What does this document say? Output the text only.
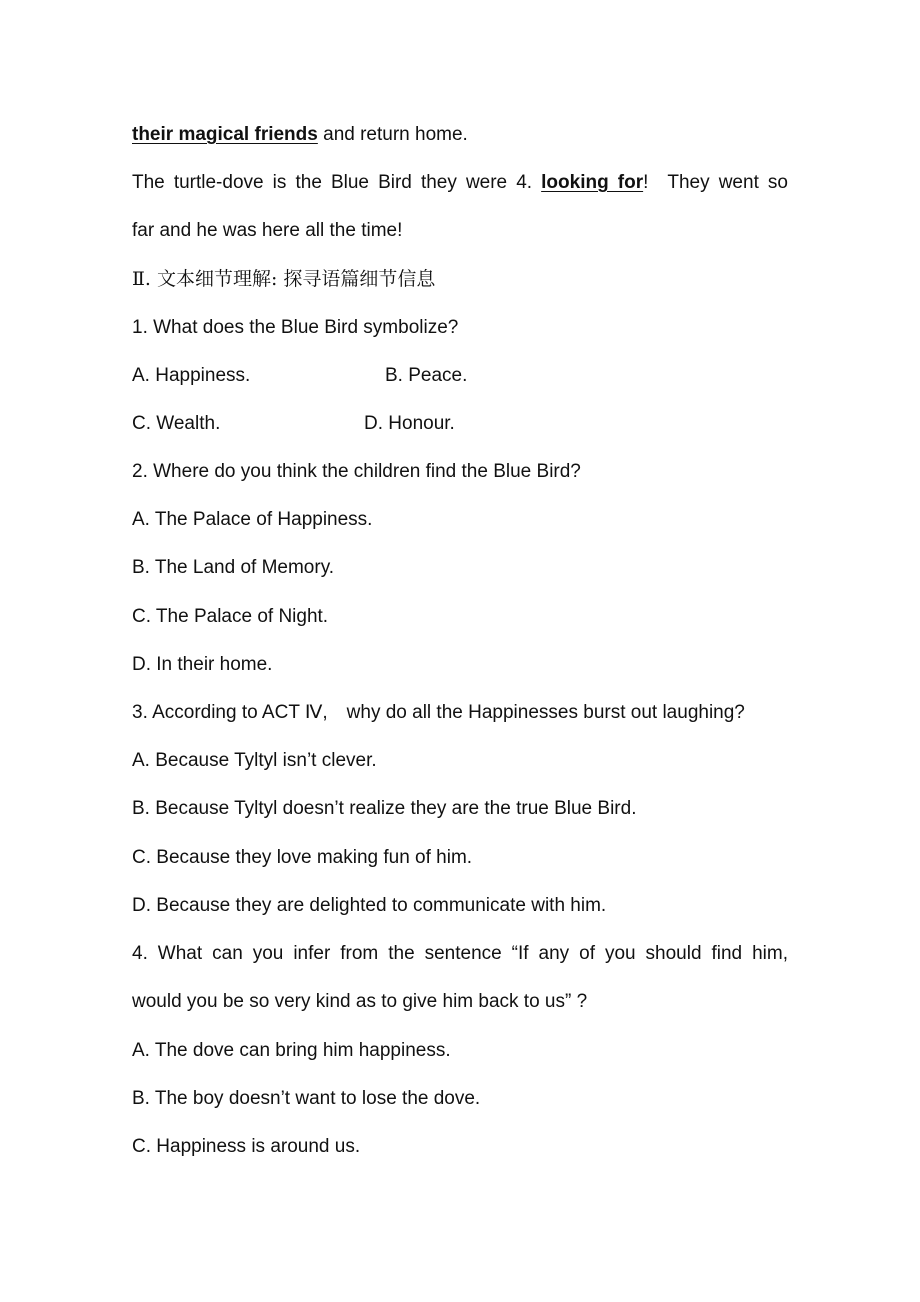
their magical friends and return home.
The turtle-dove is the Blue Bird they were 4. looking for! They went so
far and he was here all the time!
Ⅱ. 文本细节理解: 探寻语篇细节信息
1. What does the Blue Bird symbolize?
A. Happiness.	B. Peace.
C. Wealth.	D. Honour.
2. Where do you think the children find the Blue Bird?
A. The Palace of Happiness.
B. The Land of Memory.
C. The Palace of Night.
D. In their home.
3. According to ACT Ⅳ, why do all the Happinesses burst out laughing?
A. Because Tyltyl isn’t clever.
B. Because Tyltyl doesn’t realize they are the true Blue Bird.
C. Because they love making fun of him.
D. Because they are delighted to communicate with him.
4. What can you infer from the sentence “If any of you should find him,
would you be so very kind as to give him back to us” ?
A. The dove can bring him happiness.
B. The boy doesn’t want to lose the dove.
C. Happiness is around us.
